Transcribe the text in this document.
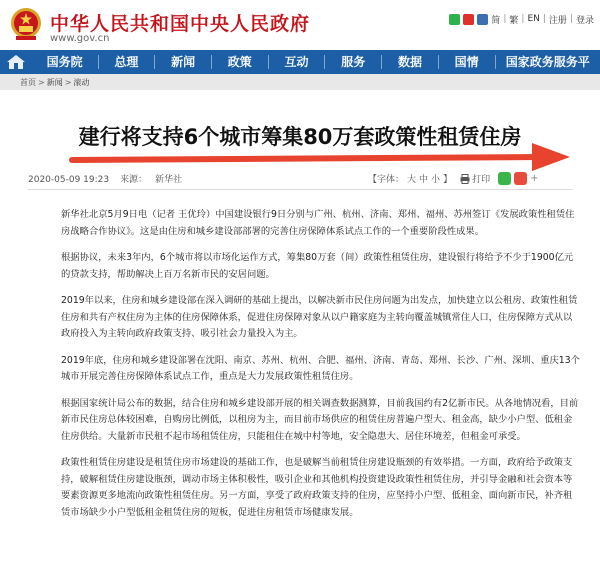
中华人民共和国中央人民政府
www.gov.cn
简 | 繁 | EN | 注册 | 登录
国务院	总理	新闻	政策	互动	服务	数据	国情	国家政务服务平
首页 > 新闻 > 滚动
建行将支持6个城市筹集80万套政策性租赁住房
2020-05-09 19:23 来源： 新华社	【字体： 大 中 小 】 打印	+

新华社北京5月9日电（记者 王优玲）中国建设银行9日分别与广州、杭州、济南、郑州、福州、苏州签订《发展政策性租赁住房战略合作协议》。这是由住房和城乡建设部部署的完善住房保障体系试点工作的一个重要阶段性成果。

根据协议，未来3年内，6个城市将以市场化运作方式，筹集80万套（间）政策性租赁住房，建设银行将给予不少于1900亿元的贷款支持，帮助解决上百万名新市民的安居问题。

2019年以来，住房和城乡建设部在深入调研的基础上提出，以解决新市民住房问题为出发点，加快建立以公租房、政策性租赁住房和共有产权住房为主体的住房保障体系，促进住房保障对象从以户籍家庭为主转向覆盖城镇常住人口，住房保障方式从以政府投入为主转向政府政策支持、吸引社会力量投入为主。

2019年底，住房和城乡建设部署在沈阳、南京、苏州、杭州、合肥、福州、济南、青岛、郑州、长沙、广州、深圳、重庆13个城市开展完善住房保障体系试点工作，重点是大力发展政策性租赁住房。

根据国家统计局公布的数据，结合住房和城乡建设部开展的相关调查数据测算，目前我国约有2亿新市民。从各地情况看，目前新市民住房总体较困难，自购房比例低，以租房为主，而目前市场供应的租赁住房普遍户型大、租金高，缺少小户型、低租金住房供给。大量新市民租不起市场租赁住房，只能租住在城中村等地，安全隐患大、居住环境差，但租金可承受。

政策性租赁住房建设是租赁住房市场建设的基础工作，也是破解当前租赁住房建设瓶颈的有效举措。一方面，政府给予政策支持，破解租赁住房建设瓶颈，调动市场主体积极性，吸引企业和其他机构投资建设政策性租赁住房，并引导金融和社会资本等要素资源更多地流向政策性租赁住房。另一方面，享受了政府政策支持的住房，应坚持小户型、低租金、面向新市民，补齐租赁市场缺少小户型低租金租赁住房的短板，促进住房租赁市场健康发展。
